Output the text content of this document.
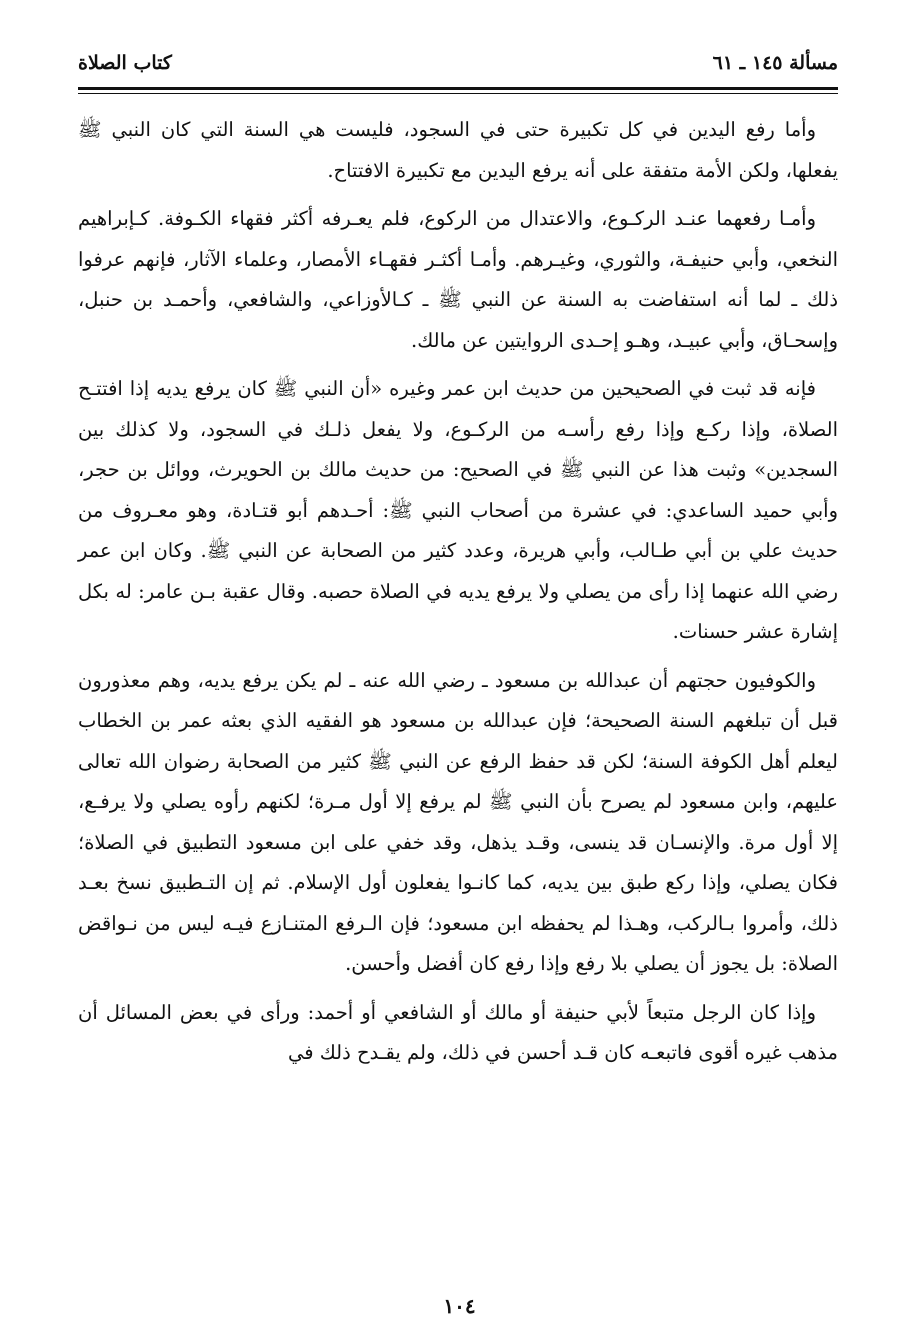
مسألة ١٤٥ ـ ٦١
كتاب الصلاة

وأما رفع اليدين في كل تكبيرة حتى في السجود، فليست هي السنة التي كان النبي ﷺ يفعلها، ولكن الأمة متفقة على أنه يرفع اليدين مع تكبيرة الافتتاح.

وأمـا رفعهما عنـد الركـوع، والاعتدال من الركوع، فلم يعـرفه أكثر فقهاء الكـوفة. كـإبراهيم النخعي، وأبي حنيفـة، والثوري، وغيـرهم. وأمـا أكثـر فقهـاء الأمصار، وعلماء الآثار، فإنهم عرفوا ذلك ـ لما أنه استفاضت به السنة عن النبي ﷺ ـ كـالأوزاعي، والشافعي، وأحمـد بن حنبل، وإسحـاق، وأبي عبيـد، وهـو إحـدى الروايتين عن مالك.

فإنه قد ثبت في الصحيحين من حديث ابن عمر وغيره «أن النبي ﷺ كان يرفع يديه إذا افتتـح الصلاة، وإذا ركـع وإذا رفع رأسـه من الركـوع، ولا يفعل ذلـك في السجود، ولا كذلك بين السجدين» وثبت هذا عن النبي ﷺ في الصحيح: من حديث مالك بن الحويرث، ووائل بن حجر، وأبي حميد الساعدي: في عشرة من أصحاب النبي ﷺ: أحـدهم أبو قتـادة، وهو معـروف من حديث علي بن أبي طـالب، وأبي هريرة، وعدد كثير من الصحابة عن النبي ﷺ. وكان ابن عمر رضي الله عنهما إذا رأى من يصلي ولا يرفع يديه في الصلاة حصبه. وقال عقبة بـن عامر: له بكل إشارة عشر حسنات.

والكوفيون حجتهم أن عبدالله بن مسعود ـ رضي الله عنه ـ لم يكن يرفع يديه، وهم معذورون قبل أن تبلغهم السنة الصحيحة؛ فإن عبدالله بن مسعود هو الفقيه الذي بعثه عمر بن الخطاب ليعلم أهل الكوفة السنة؛ لكن قد حفظ الرفع عن النبي ﷺ كثير من الصحابة رضوان الله تعالى عليهم، وابن مسعود لم يصرح بأن النبي ﷺ لم يرفع إلا أول مـرة؛ لكنهم رأوه يصلي ولا يرفـع، إلا أول مرة. والإنسـان قد ينسى، وقـد يذهل، وقد خفي على ابن مسعود التطبيق في الصلاة؛ فكان يصلي، وإذا ركع طبق بين يديه، كما كانـوا يفعلون أول الإسلام. ثم إن التـطبيق نسخ بعـد ذلك، وأمروا بـالركب، وهـذا لم يحفظه ابن مسعود؛ فإن الـرفع المتنـازع فيـه ليس من نـواقض الصلاة: بل يجوز أن يصلي بلا رفع وإذا رفع كان أفضل وأحسن.

وإذا كان الرجل متبعاً لأبي حنيفة أو مالك أو الشافعي أو أحمد: ورأى في بعض المسائل أن مذهب غيره أقوى فاتبعـه كان قـد أحسن في ذلك، ولم يقـدح ذلك في

١٠٤
